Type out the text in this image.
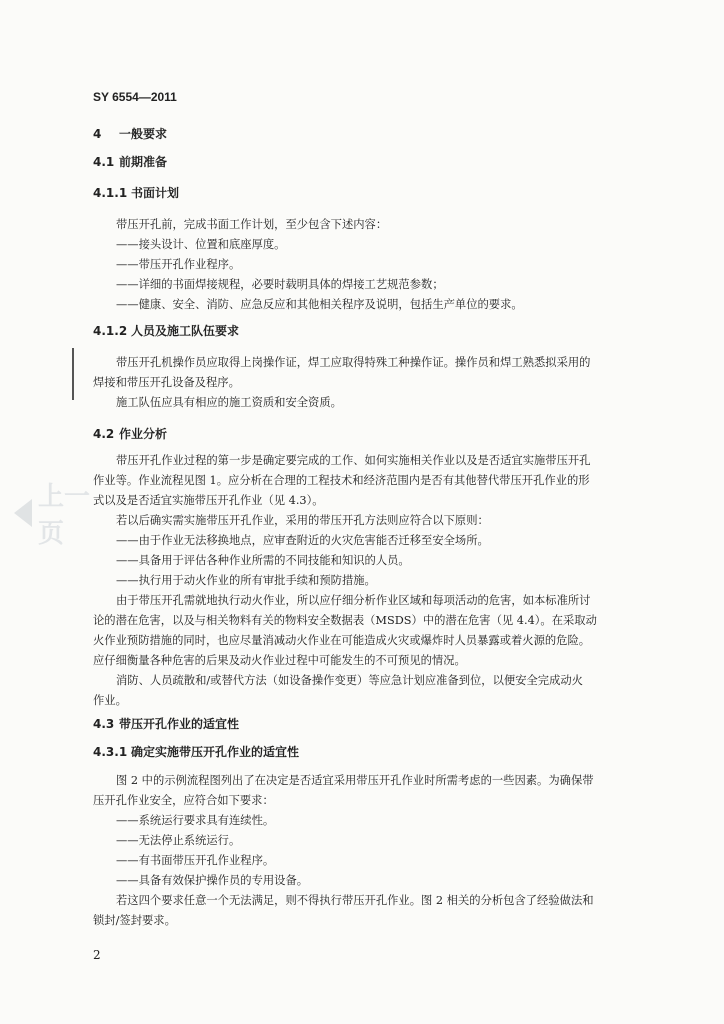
SY 6554—2011
4 一般要求
4.1 前期准备
4.1.1 书面计划
带压开孔前，完成书面工作计划，至少包含下述内容：
——接头设计、位置和底座厚度。
——带压开孔作业程序。
——详细的书面焊接规程，必要时载明具体的焊接工艺规范参数；
——健康、安全、消防、应急反应和其他相关程序及说明，包括生产单位的要求。
4.1.2 人员及施工队伍要求
带压开孔机操作员应取得上岗操作证，焊工应取得特殊工种操作证。操作员和焊工熟悉拟采用的
焊接和带压开孔设备及程序。
施工队伍应具有相应的施工资质和安全资质。
4.2 作业分析
带压开孔作业过程的第一步是确定要完成的工作、如何实施相关作业以及是否适宜实施带压开孔
作业等。作业流程见图 1。应分析在合理的工程技术和经济范围内是否有其他替代带压开孔作业的形
式以及是否适宜实施带压开孔作业（见 4.3）。
若以后确实需实施带压开孔作业，采用的带压开孔方法则应符合以下原则：
——由于作业无法移换地点，应审查附近的火灾危害能否迁移至安全场所。
——具备用于评估各种作业所需的不同技能和知识的人员。
——执行用于动火作业的所有审批手续和预防措施。
由于带压开孔需就地执行动火作业，所以应仔细分析作业区域和每项活动的危害，如本标准所讨
论的潜在危害，以及与相关物料有关的物料安全数据表（MSDS）中的潜在危害（见 4.4）。在采取动
火作业预防措施的同时，也应尽量消减动火作业在可能造成火灾或爆炸时人员暴露或着火源的危险。
应仔细衡量各种危害的后果及动火作业过程中可能发生的不可预见的情况。
消防、人员疏散和/或替代方法（如设备操作变更）等应急计划应准备到位，以便安全完成动火
作业。
4.3 带压开孔作业的适宜性
4.3.1 确定实施带压开孔作业的适宜性
图 2 中的示例流程图列出了在决定是否适宜采用带压开孔作业时所需考虑的一些因素。为确保带
压开孔作业安全，应符合如下要求：
——系统运行要求具有连续性。
——无法停止系统运行。
——有书面带压开孔作业程序。
——具备有效保护操作员的专用设备。
若这四个要求任意一个无法满足，则不得执行带压开孔作业。图 2 相关的分析包含了经验做法和
锁封/签封要求。
2
上一页
